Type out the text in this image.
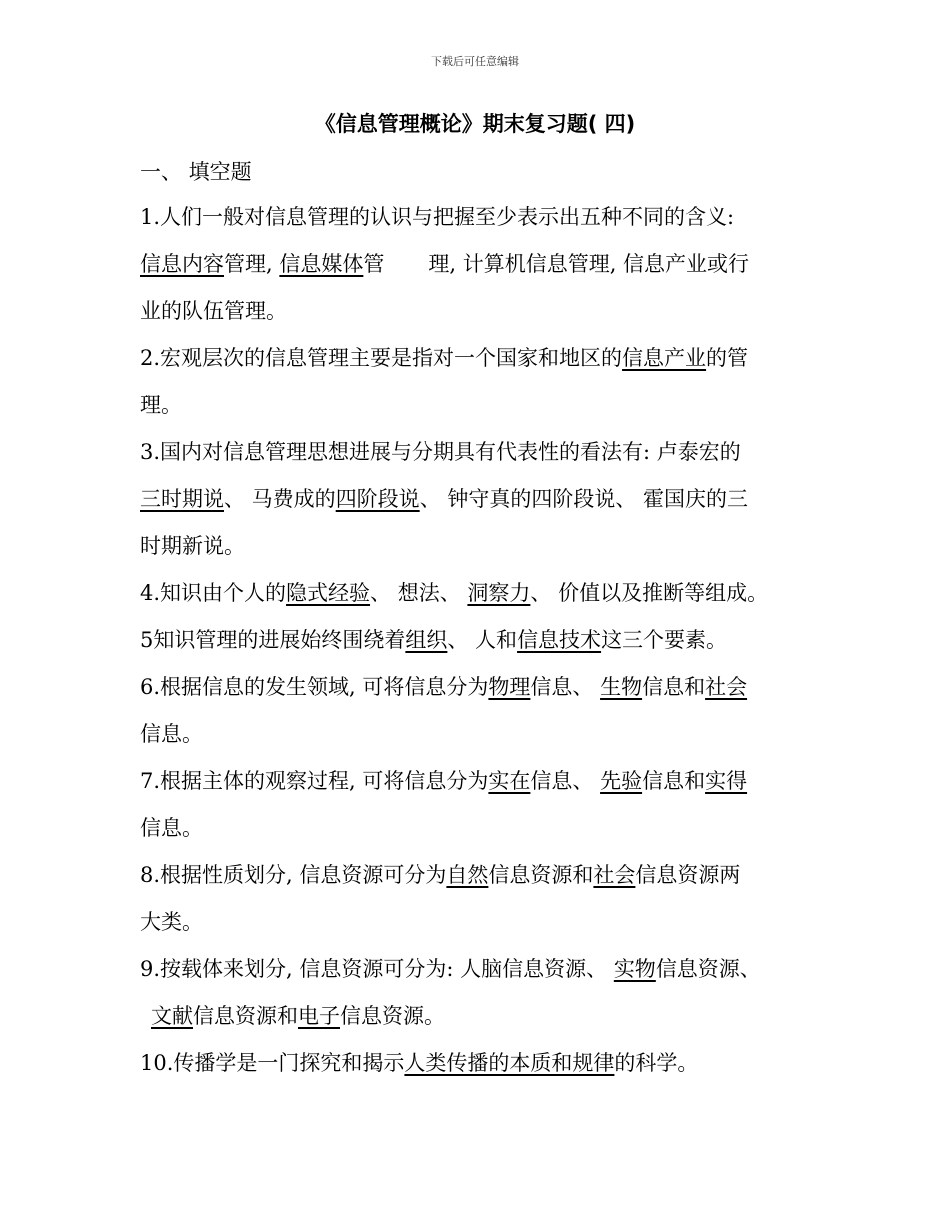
下载后可任意编辑
《信息管理概论》期末复习题( 四)
一、 填空题
1.人们一般对信息管理的认识与把握至少表示出五种不同的含义:
信息内容管理, 信息媒体管 理, 计算机信息管理, 信息产业或行
业的队伍管理。
2.宏观层次的信息管理主要是指对一个国家和地区的信息产业的管
理。
3.国内对信息管理思想进展与分期具有代表性的看法有: 卢泰宏的
三时期说、 马费成的四阶段说、 钟守真的四阶段说、 霍国庆的三
时期新说。
4.知识由个人的隐式经验、 想法、 洞察力、 价值以及推断等组成。
5知识管理的进展始终围绕着组织、 人和信息技术这三个要素。
6.根据信息的发生领域, 可将信息分为物理信息、 生物信息和社会
信息。
7.根据主体的观察过程, 可将信息分为实在信息、 先验信息和实得
信息。
8.根据性质划分, 信息资源可分为自然信息资源和社会信息资源两
大类。
9.按载体来划分, 信息资源可分为: 人脑信息资源、 实物信息资源、
文献信息资源和电子信息资源。
10.传播学是一门探究和揭示人类传播的本质和规律的科学。
